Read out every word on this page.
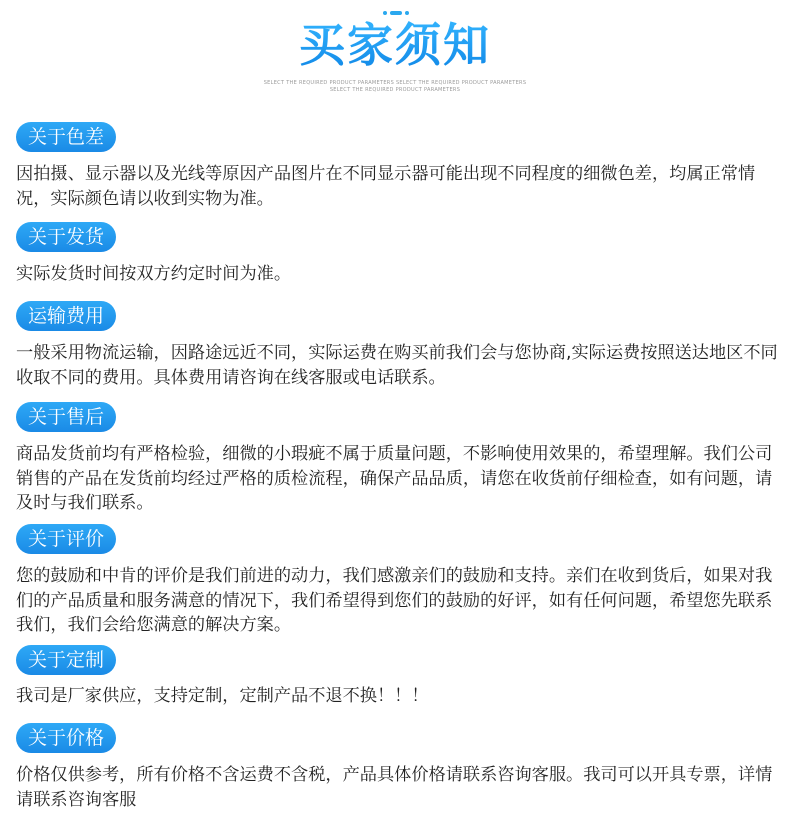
买家须知
SELECT THE REQUIRED PRODUCT PARAMETERS SELECT THE REQUIRED PRODUCT PARAMETERS
SELECT THE REQUIRED PRODUCT PARAMETERS
关于色差
因拍摄、显示器以及光线等原因产品图片在不同显示器可能出现不同程度的细微色差，均属正常情况，实际颜色请以收到实物为准。
关于发货
实际发货时间按双方约定时间为准。
运输费用
一般采用物流运输，因路途远近不同，实际运费在购买前我们会与您协商,实际运费按照送达地区不同收取不同的费用。具体费用请咨询在线客服或电话联系。
关于售后
商品发货前均有严格检验，细微的小瑕疵不属于质量问题，不影响使用效果的，希望理解。我们公司销售的产品在发货前均经过严格的质检流程，确保产品品质，请您在收货前仔细检查，如有问题，请及时与我们联系。
关于评价
您的鼓励和中肯的评价是我们前进的动力，我们感激亲们的鼓励和支持。亲们在收到货后，如果对我们的产品质量和服务满意的情况下，我们希望得到您们的鼓励的好评，如有任何问题，希望您先联系我们，我们会给您满意的解决方案。
关于定制
我司是厂家供应，支持定制，定制产品不退不换！！！
关于价格
价格仅供参考，所有价格不含运费不含税，产品具体价格请联系咨询客服。我司可以开具专票，详情请联系咨询客服
